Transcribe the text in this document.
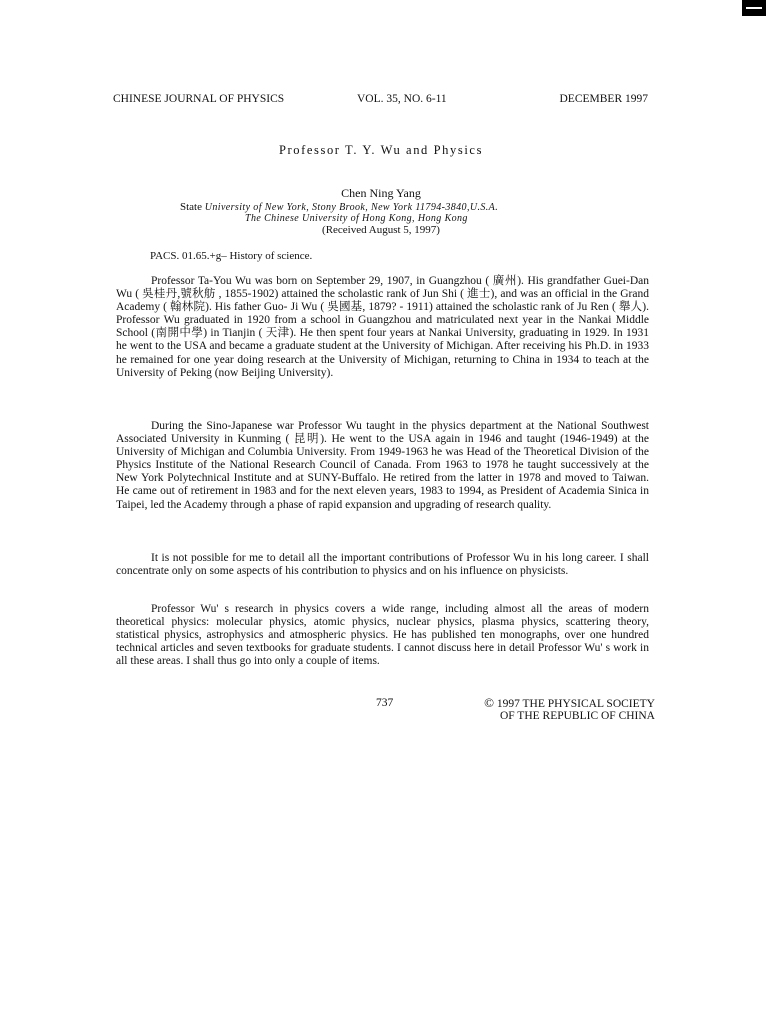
CHINESE JOURNAL OF PHYSICS	VOL. 35, NO. 6-11	DECEMBER 1997
Professor T. Y. Wu and Physics
Chen Ning Yang
State University of New York, Stony Brook, New York 11794-3840,U.S.A.
The Chinese University of Hong Kong, Hong Kong
(Received August 5, 1997)
PACS. 01.65.+g– History of science.

Professor Ta-You Wu was born on September 29, 1907, in Guangzhou ( 廣州). His grandfather Guei-Dan Wu ( 吳桂丹,號秋舫 , 1855-1902) attained the scholastic rank of Jun Shi ( 進士), and was an official in the Grand Academy ( 翰林院). His father Guo- Ji Wu ( 吳國基, 1879? - 1911) attained the scholastic rank of Ju Ren ( 舉人). Professor Wu graduated in 1920 from a school in Guangzhou and matriculated next year in the Nankai Middle School (南開中學) in Tianjin ( 天津). He then spent four years at Nankai University, graduating in 1929. In 1931 he went to the USA and became a graduate student at the University of Michigan. After receiving his Ph.D. in 1933 he remained for one year doing research at the University of Michigan, returning to China in 1934 to teach at the University of Peking (now Beijing University).

During the Sino-Japanese war Professor Wu taught in the physics department at the National Southwest Associated University in Kunming ( 昆明). He went to the USA again in 1946 and taught (1946-1949) at the University of Michigan and Columbia University. From 1949-1963 he was Head of the Theoretical Division of the Physics Institute of the National Research Council of Canada. From 1963 to 1978 he taught successively at the New York Polytechnical Institute and at SUNY-Buffalo. He retired from the latter in 1978 and moved to Taiwan. He came out of retirement in 1983 and for the next eleven years, 1983 to 1994, as President of Academia Sinica in Taipei, led the Academy through a phase of rapid expansion and upgrading of research quality.

It is not possible for me to detail all the important contributions of Professor Wu in his long career. I shall concentrate only on some aspects of his contribution to physics and on his influence on physicists.

Professor Wu' s research in physics covers a wide range, including almost all the areas of modern theoretical physics: molecular physics, atomic physics, nuclear physics, plasma physics, scattering theory, statistical physics, astrophysics and atmospheric physics. He has published ten monographs, over one hundred technical articles and seven textbooks for graduate students. I cannot discuss here in detail Professor Wu' s work in all these areas. I shall thus go into only a couple of items.

737	© 1997 THE PHYSICAL SOCIETY
OF THE REPUBLIC OF CHINA
